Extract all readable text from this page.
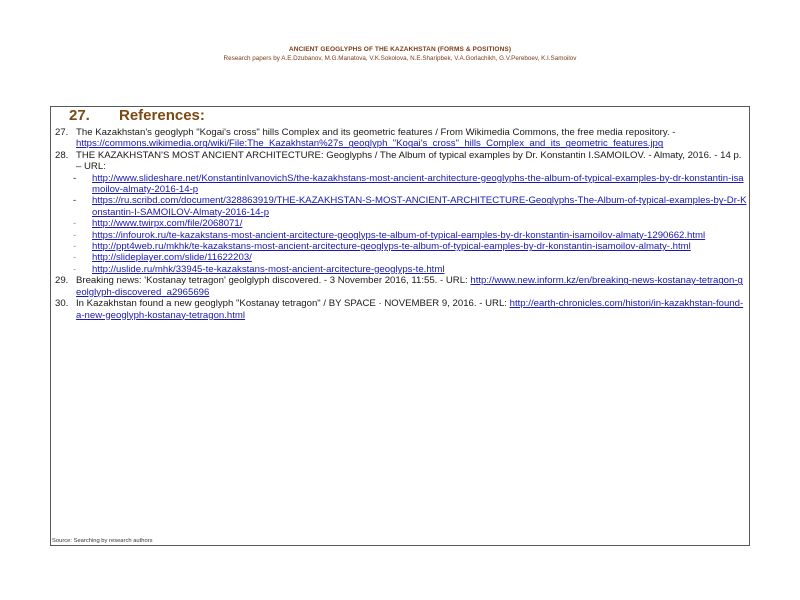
ANCIENT GEOGLYPHS OF THE KAZAKHSTAN (FORMS & POSITIONS)
Research papers by A.E.Dzubanov, M.G.Manatova, V.K.Sokolova, N.E.Sharipbek, V.A.Gorlachikh, G.V.Pereboev, K.I.Samoilov
27. References:
27. The Kazakhstan's geoglyph "Kogai's cross" hills Complex and its geometric features / From Wikimedia Commons, the free media repository. -
https://commons.wikimedia.org/wiki/File:The_Kazakhstan%27s_geoglyph_"Kogai's_cross"_hills_Complex_and_its_geometric_features.jpg
28. THE KAZAKHSTAN'S MOST ANCIENT ARCHITECTURE: Geoglyphs / The Album of typical examples by Dr. Konstantin I.SAMOILOV. - Almaty, 2016. - 14 p. – URL:
-	http://www.slideshare.net/KonstantinIvanovichS/the-kazakhstans-most-ancient-architecture-geoglyphs-the-album-of-typical-examples-by-dr-konstantin-isamoilov-almaty-2016-14-p
-	https://ru.scribd.com/document/328863919/THE-KAZAKHSTAN-S-MOST-ANCIENT-ARCHITECTURE-Geoglyphs-The-Album-of-typical-examples-by-Dr-Konstantin-I-SAMOILOV-Almaty-2016-14-p
-	http://www.twirpx.com/file/2068071/
-	https://infourok.ru/te-kazakstans-most-ancient-arcitecture-geoglyps-te-album-of-typical-eamples-by-dr-konstantin-isamoilov-almaty-1290662.html
-	http://ppt4web.ru/mkhk/te-kazakstans-most-ancient-arcitecture-geoglyps-te-album-of-typical-eamples-by-dr-konstantin-isamoilov-almaty-.html
-	http://slideplayer.com/slide/11622203/
-	http://uslide.ru/mhk/33945-te-kazakstans-most-ancient-arcitecture-geoglyps-te.html
29. Breaking news: 'Kostanay tetragon' geolglyph discovered. - 3 November 2016, 11:55. - URL: http://www.new.inform.kz/en/breaking-news-kostanay-tetragon-geolglyph-discovered_a2965696
30. In Kazakhstan found a new geoglyph "Kostanay tetragon" / BY SPACE · NOVEMBER 9, 2016. - URL: http://earth-chronicles.com/histori/in-kazakhstan-found-a-new-geoglyph-kostanay-tetragon.html
Source: Searching by research authors
